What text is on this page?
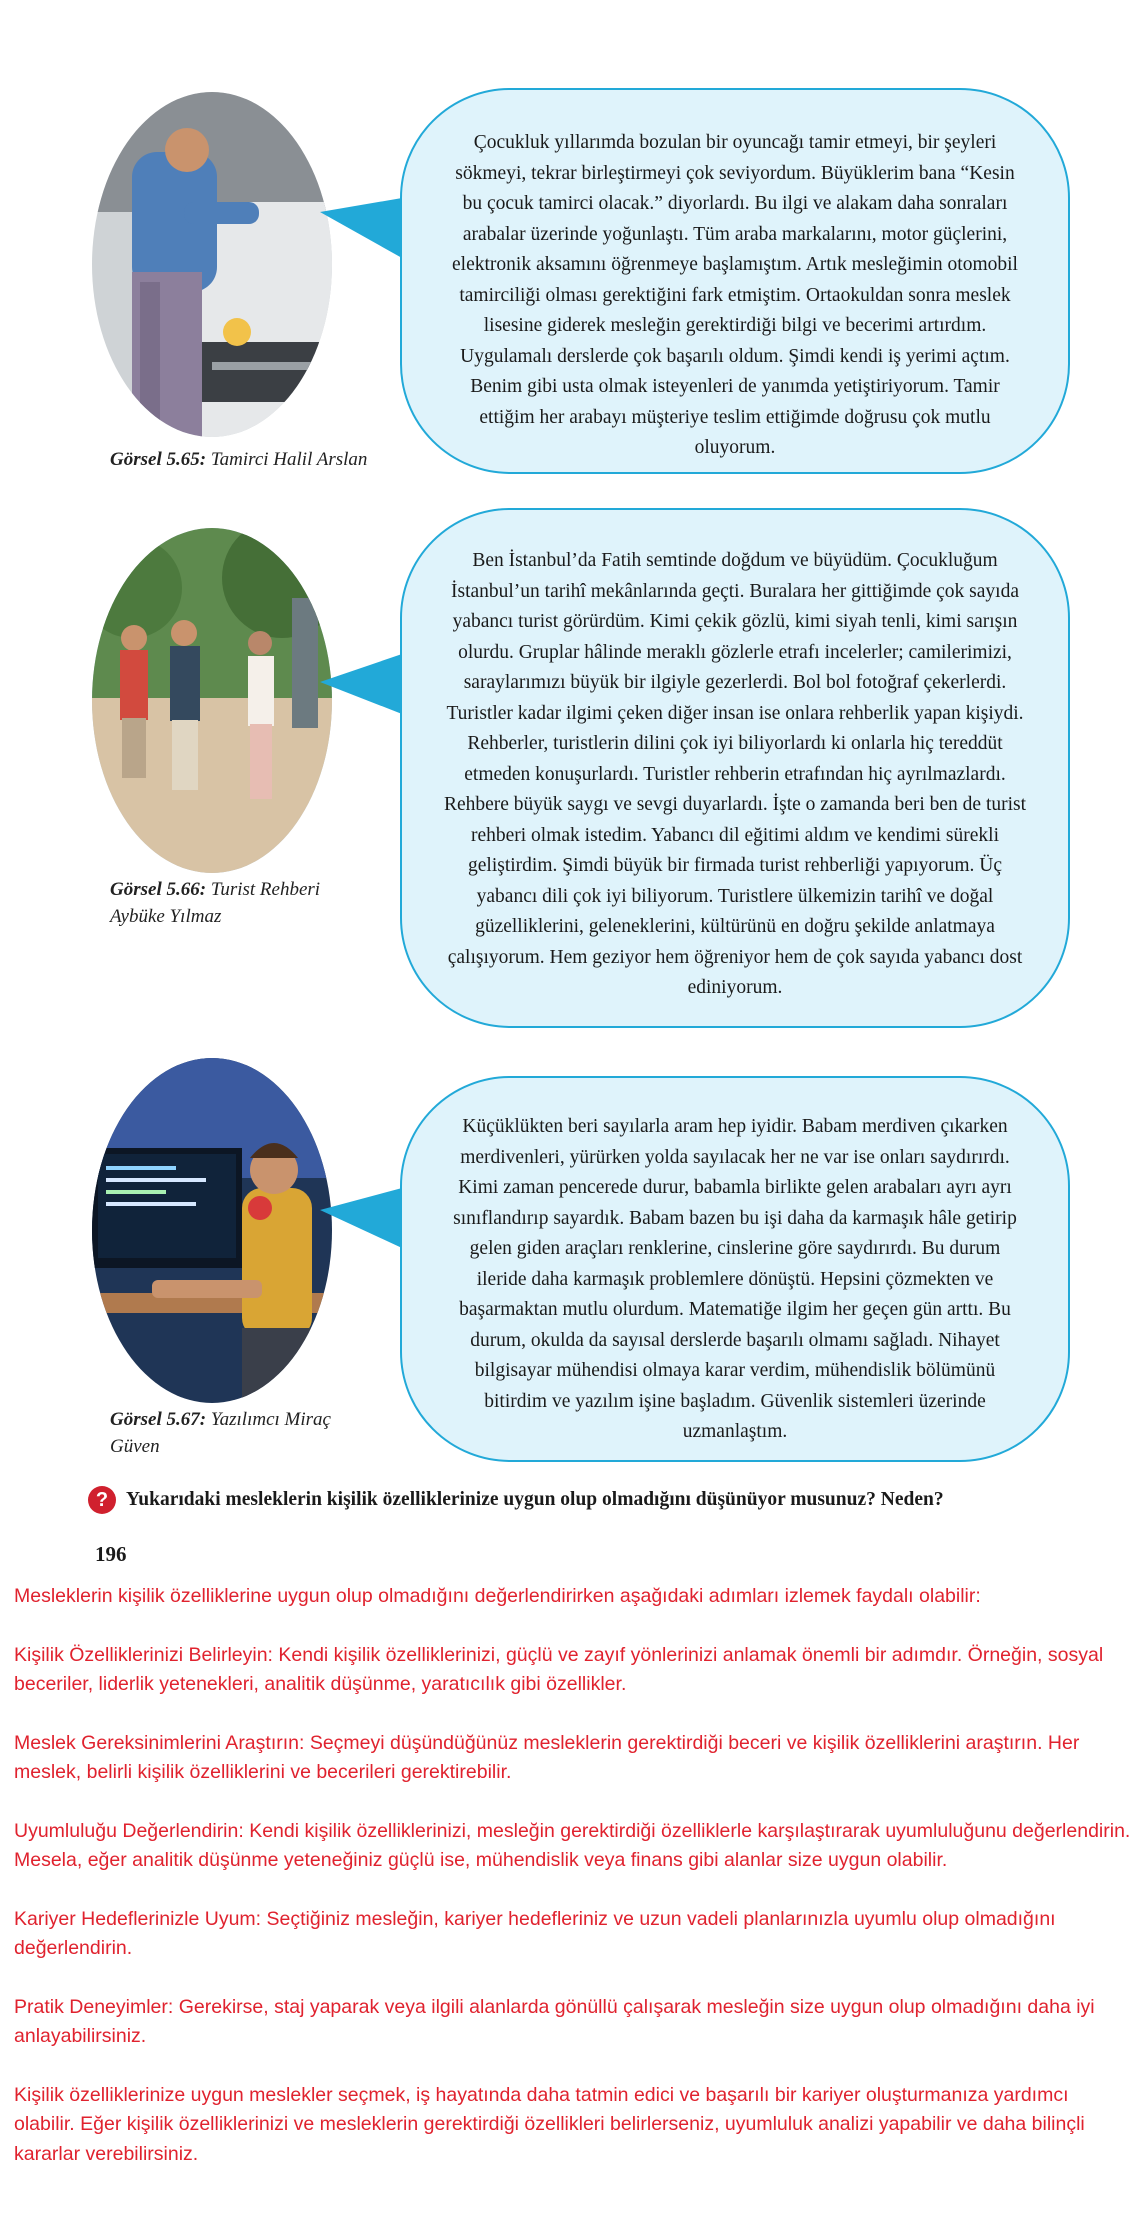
Görsel 5.65: Tamirci Halil Arslan

Çocukluk yıllarımda bozulan bir oyuncağı tamir etmeyi, bir şeyleri sökmeyi, tekrar birleştirmeyi çok seviyordum. Büyüklerim bana “Kesin bu çocuk tamirci olacak.” diyorlardı. Bu ilgi ve alakam daha sonraları arabalar üzerinde yoğunlaştı. Tüm araba markalarını, motor güçlerini, elektronik aksamını öğrenmeye başlamıştım. Artık mesleğimin otomobil tamirciliği olması gerektiğini fark etmiştim. Ortaokuldan sonra meslek lisesine giderek mesleğin gerektirdiği bilgi ve becerimi artırdım. Uygulamalı derslerde çok başarılı oldum. Şimdi kendi iş yerimi açtım. Benim gibi usta olmak isteyenleri de yanımda yetiştiriyorum. Tamir ettiğim her arabayı müşteriye teslim ettiğimde doğrusu çok mutlu oluyorum.

Görsel 5.66: Turist Rehberi Aybüke Yılmaz

Ben İstanbul’da Fatih semtinde doğdum ve büyüdüm. Çocukluğum İstanbul’un tarihî mekânlarında geçti. Buralara her gittiğimde çok sayıda yabancı turist görürdüm. Kimi çekik gözlü, kimi siyah tenli, kimi sarışın olurdu. Gruplar hâlinde meraklı gözlerle etrafı incelerler; camilerimizi, saraylarımızı büyük bir ilgiyle gezerlerdi. Bol bol fotoğraf çekerlerdi. Turistler kadar ilgimi çeken diğer insan ise onlara rehberlik yapan kişiydi. Rehberler, turistlerin dilini çok iyi biliyorlardı ki onlarla hiç tereddüt etmeden konuşurlardı. Turistler rehberin etrafından hiç ayrılmazlardı. Rehbere büyük saygı ve sevgi duyarlardı. İşte o zamanda beri ben de turist rehberi olmak istedim. Yabancı dil eğitimi aldım ve kendimi sürekli geliştirdim. Şimdi büyük bir firmada turist rehberliği yapıyorum. Üç yabancı dili çok iyi biliyorum. Turistlere ülkemizin tarihî ve doğal güzelliklerini, geleneklerini, kültürünü en doğru şekilde anlatmaya çalışıyorum. Hem geziyor hem öğreniyor hem de çok sayıda yabancı dost ediniyorum.

Görsel 5.67: Yazılımcı Miraç Güven

Küçüklükten beri sayılarla aram hep iyidir. Babam merdiven çıkarken merdivenleri, yürürken yolda sayılacak her ne var ise onları saydırırdı. Kimi zaman pencerede durur, babamla birlikte gelen arabaları ayrı ayrı sınıflandırıp sayardık. Babam bazen bu işi daha da karmaşık hâle getirip gelen giden araçları renklerine, cinslerine göre saydırırdı. Bu durum ileride daha karmaşık problemlere dönüştü. Hepsini çözmekten ve başarmaktan mutlu olurdum. Matematiğe ilgim her geçen gün arttı. Bu durum, okulda da sayısal derslerde başarılı olmamı sağladı. Nihayet bilgisayar mühendisi olmaya karar verdim, mühendislik bölümünü bitirdim ve yazılım işine başladım. Güvenlik sistemleri üzerinde uzmanlaştım.

? Yukarıdaki mesleklerin kişilik özelliklerinize uygun olup olmadığını düşünüyor musunuz? Neden?
196

Mesleklerin kişilik özelliklerine uygun olup olmadığını değerlendirirken aşağıdaki adımları izlemek faydalı olabilir:

Kişilik Özelliklerinizi Belirleyin: Kendi kişilik özelliklerinizi, güçlü ve zayıf yönlerinizi anlamak önemli bir adımdır. Örneğin, sosyal beceriler, liderlik yetenekleri, analitik düşünme, yaratıcılık gibi özellikler.

Meslek Gereksinimlerini Araştırın: Seçmeyi düşündüğünüz mesleklerin gerektirdiği beceri ve kişilik özelliklerini araştırın. Her meslek, belirli kişilik özelliklerini ve becerileri gerektirebilir.

Uyumluluğu Değerlendirin: Kendi kişilik özelliklerinizi, mesleğin gerektirdiği özelliklerle karşılaştırarak uyumluluğunu değerlendirin. Mesela, eğer analitik düşünme yeteneğiniz güçlü ise, mühendislik veya finans gibi alanlar size uygun olabilir.

Kariyer Hedeflerinizle Uyum: Seçtiğiniz mesleğin, kariyer hedefleriniz ve uzun vadeli planlarınızla uyumlu olup olmadığını değerlendirin.

Pratik Deneyimler: Gerekirse, staj yaparak veya ilgili alanlarda gönüllü çalışarak mesleğin size uygun olup olmadığını daha iyi anlayabilirsiniz.

Kişilik özelliklerinize uygun meslekler seçmek, iş hayatında daha tatmin edici ve başarılı bir kariyer oluşturmanıza yardımcı olabilir. Eğer kişilik özelliklerinizi ve mesleklerin gerektirdiği özellikleri belirlerseniz, uyumluluk analizi yapabilir ve daha bilinçli kararlar verebilirsiniz.
